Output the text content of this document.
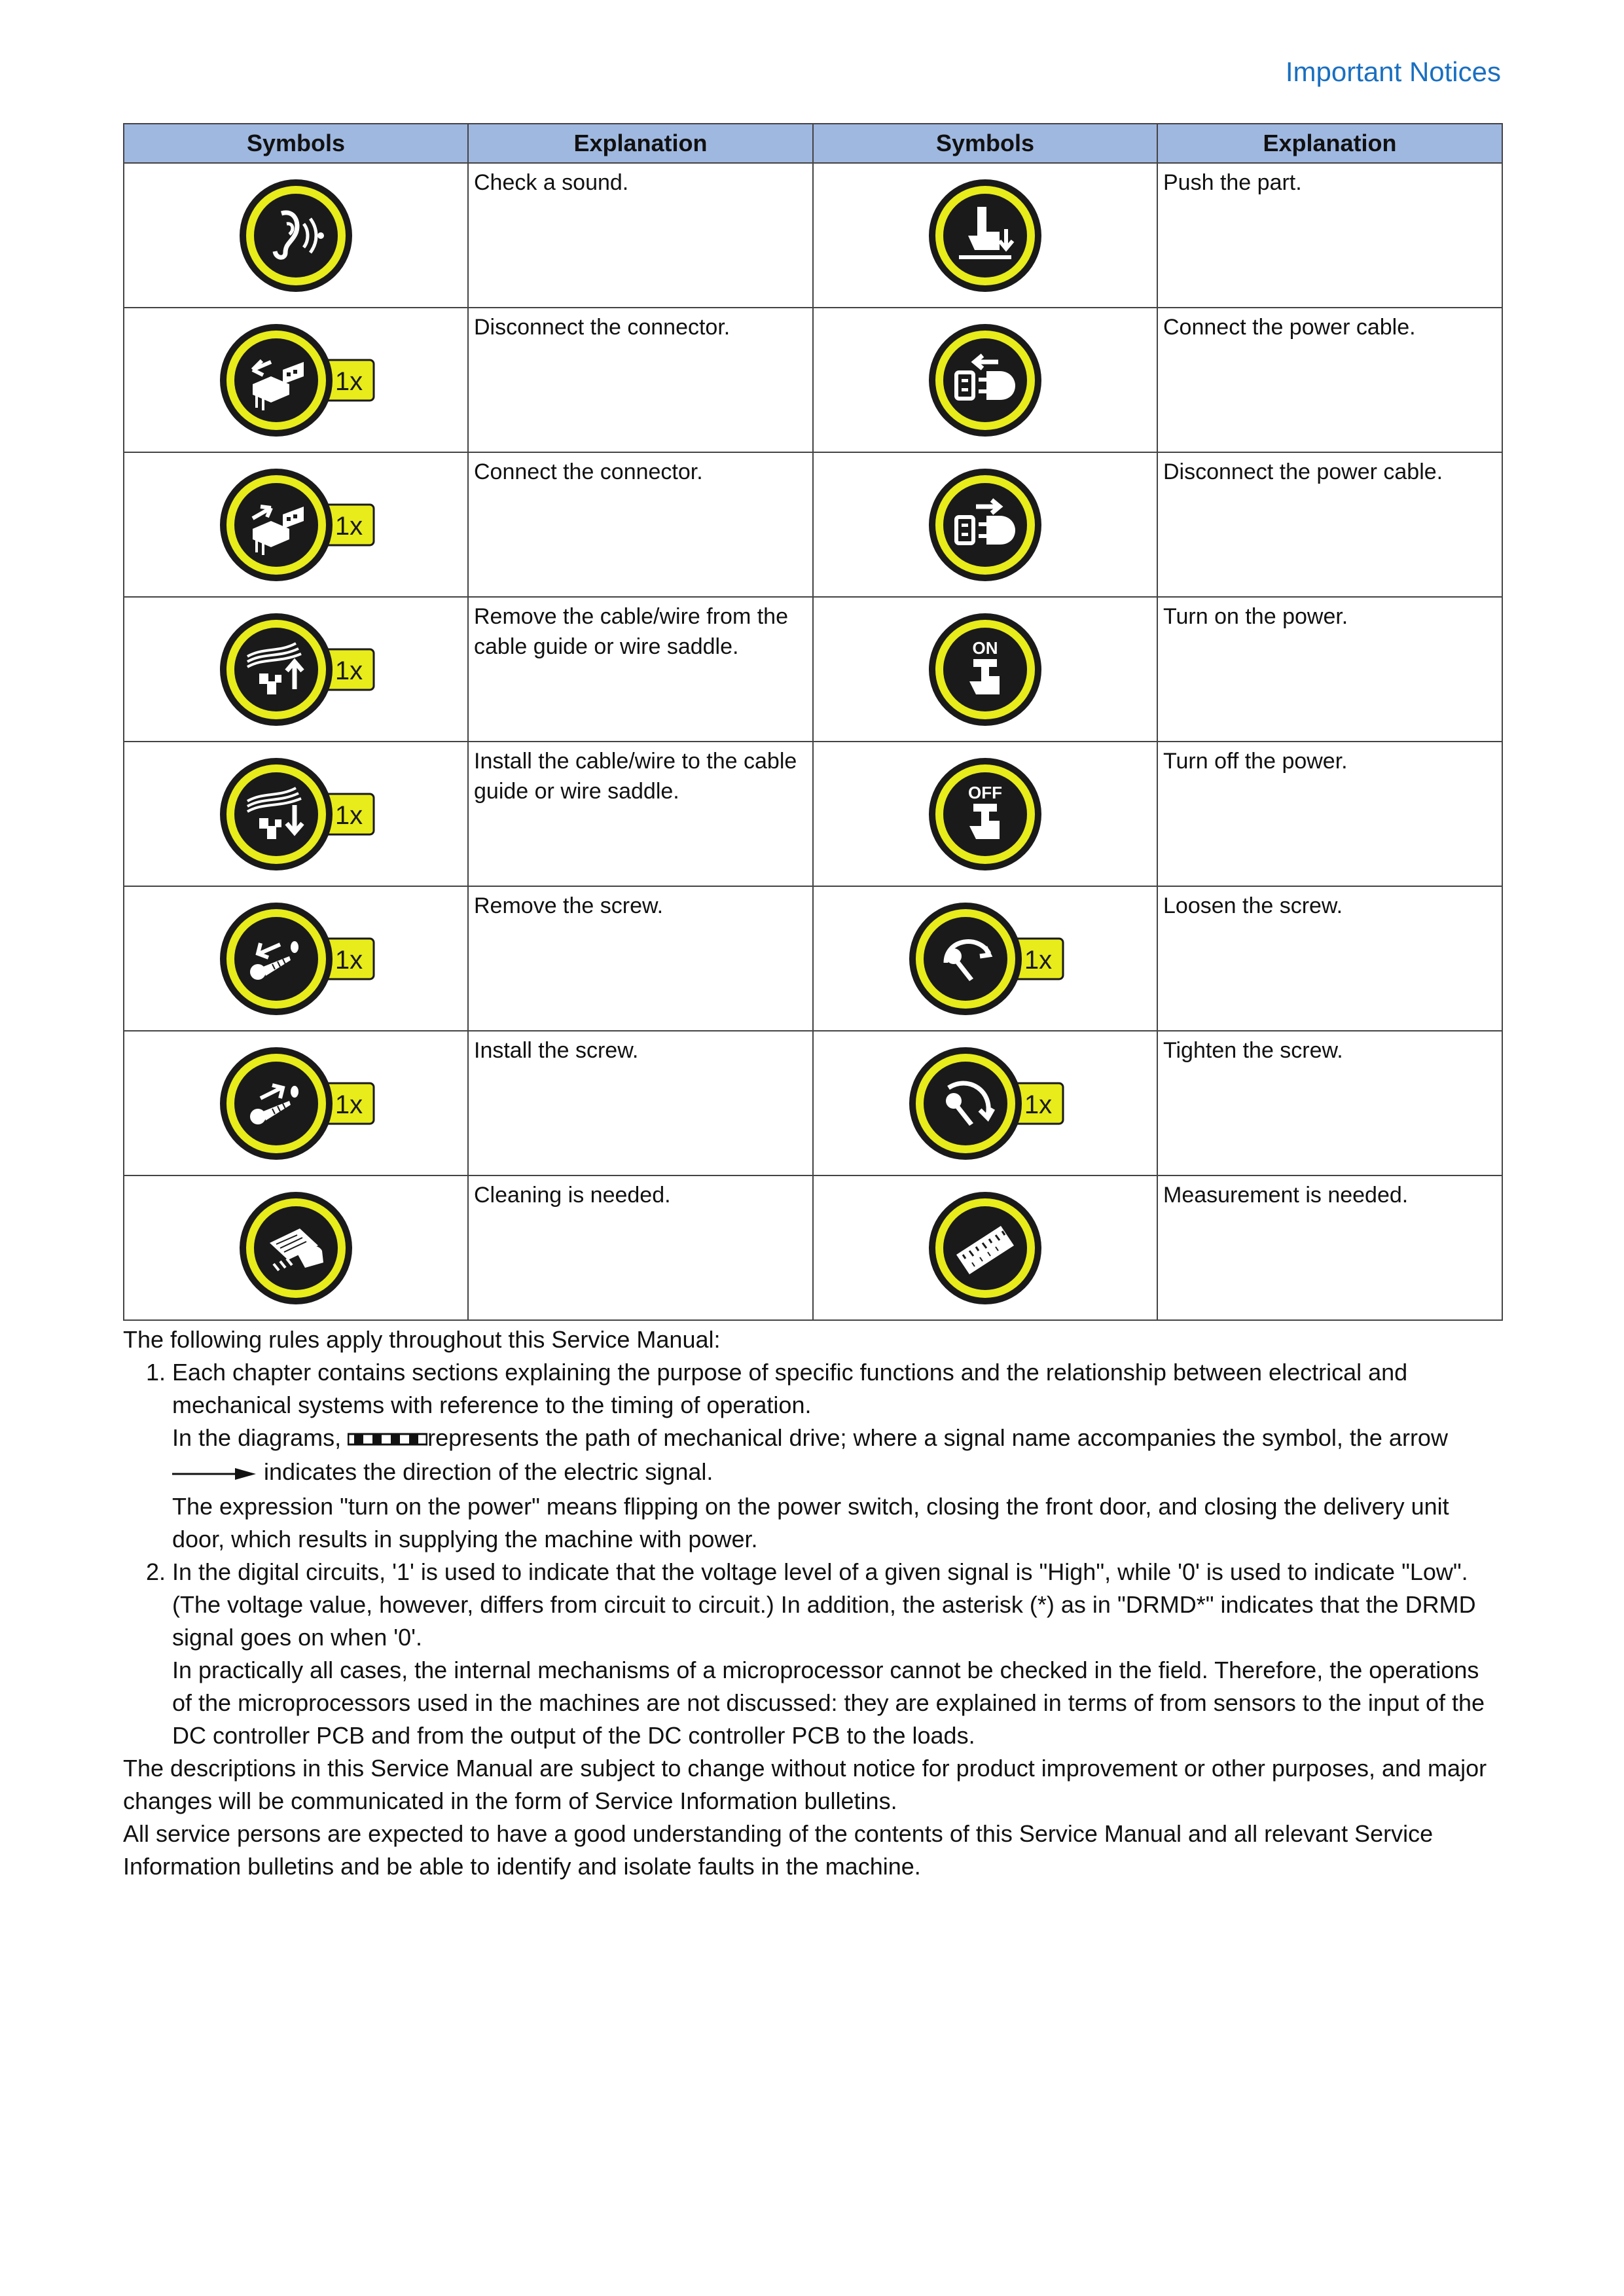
Important Notices
Symbols	Explanation	Symbols	Explanation

	Check a sound.		Push the part.

1x	Disconnect the connector.		Connect the power cable.

1x	Connect the connector.		Disconnect the power cable.

1x	Remove the cable/wire from the cable guide or wire saddle.	ON	Turn on the power.

1x	Install the cable/wire to the cable guide or wire saddle.	OFF	Turn off the power.

1x	Remove the screw.	1x	Loosen the screw.

1x	Install the screw.	1x	Tighten the screw.

	Cleaning is needed.		Measurement is needed.

The following rules apply throughout this Service Manual:

1. Each chapter contains sections explaining the purpose of specific functions and the relationship between electrical and mechanical systems with reference to the timing of operation.

In the diagrams,	represents the path of mechanical drive; where a signal name accompanies the symbol, the arrow
indicates the direction of the electric signal.

The expression "turn on the power" means flipping on the power switch, closing the front door, and closing the delivery unit door, which results in supplying the machine with power.

2. In the digital circuits, '1' is used to indicate that the voltage level of a given signal is "High", while '0' is used to indicate "Low". (The voltage value, however, differs from circuit to circuit.) In addition, the asterisk (*) as in "DRMD*" indicates that the DRMD signal goes on when '0'.

In practically all cases, the internal mechanisms of a microprocessor cannot be checked in the field. Therefore, the operations of the microprocessors used in the machines are not discussed: they are explained in terms of from sensors to the input of the DC controller PCB and from the output of the DC controller PCB to the loads.

The descriptions in this Service Manual are subject to change without notice for product improvement or other purposes, and major changes will be communicated in the form of Service Information bulletins.

All service persons are expected to have a good understanding of the contents of this Service Manual and all relevant Service Information bulletins and be able to identify and isolate faults in the machine.
